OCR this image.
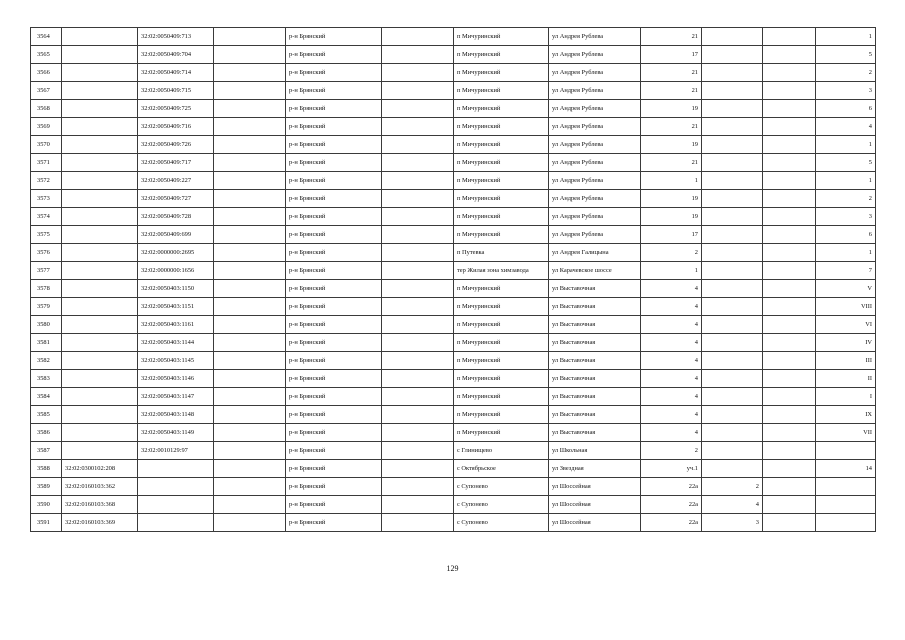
3564		32:02:0050409:713		р-н Брянский		п Мичуринский	ул Андрея Рублева	21			1
3565		32:02:0050409:704		р-н Брянский		п Мичуринский	ул Андрея Рублева	17			5
3566		32:02:0050409:714		р-н Брянский		п Мичуринский	ул Андрея Рублева	21			2
3567		32:02:0050409:715		р-н Брянский		п Мичуринский	ул Андрея Рублева	21			3
3568		32:02:0050409:725		р-н Брянский		п Мичуринский	ул Андрея Рублева	19			6
3569		32:02:0050409:716		р-н Брянский		п Мичуринский	ул Андрея Рублева	21			4
3570		32:02:0050409:726		р-н Брянский		п Мичуринский	ул Андрея Рублева	19			1
3571		32:02:0050409:717		р-н Брянский		п Мичуринский	ул Андрея Рублева	21			5
3572		32:02:0050409:227		р-н Брянский		п Мичуринский	ул Андрея Рублева	1			1
3573		32:02:0050409:727		р-н Брянский		п Мичуринский	ул Андрея Рублева	19			2
3574		32:02:0050409:728		р-н Брянский		п Мичуринский	ул Андрея Рублева	19			3
3575		32:02:0050409:699		р-н Брянский		п Мичуринский	ул Андрея Рублева	17			6
3576		32:02:0000000:2695		р-н Брянский		п Путевка	ул Андрея Галицына	2			1
3577		32:02:0000000:1656		р-н Брянский		тер Жилая зона химзавода	ул Карачевское шоссе	1			7
3578		32:02:0050403:1150		р-н Брянский		п Мичуринский	ул Выставочная	4			V
3579		32:02:0050403:1151		р-н Брянский		п Мичуринский	ул Выставочная	4			VIII
3580		32:02:0050403:1161		р-н Брянский		п Мичуринский	ул Выставочная	4			VI
3581		32:02:0050403:1144		р-н Брянский		п Мичуринский	ул Выставочная	4			IV
3582		32:02:0050403:1145		р-н Брянский		п Мичуринский	ул Выставочная	4			III
3583		32:02:0050403:1146		р-н Брянский		п Мичуринский	ул Выставочная	4			II
3584		32:02:0050403:1147		р-н Брянский		п Мичуринский	ул Выставочная	4			I
3585		32:02:0050403:1148		р-н Брянский		п Мичуринский	ул Выставочная	4			IX
3586		32:02:0050403:1149		р-н Брянский		п Мичуринский	ул Выставочная	4			VII
3587		32:02:0010129:97		р-н Брянский		с Глинищево	ул Школьная	2			
3588	32:02:0300102:208			р-н Брянский		с Октябрьское	ул Звездная	уч.1			14
3589	32:02:0160103:362			р-н Брянский		с Супонево	ул Шоссейная	22а	2		
3590	32:02:0160103:368			р-н Брянский		с Супонево	ул Шоссейная	22а	4		
3591	32:02:0160103:369			р-н Брянский		с Супонево	ул Шоссейная	22а	3		
129
